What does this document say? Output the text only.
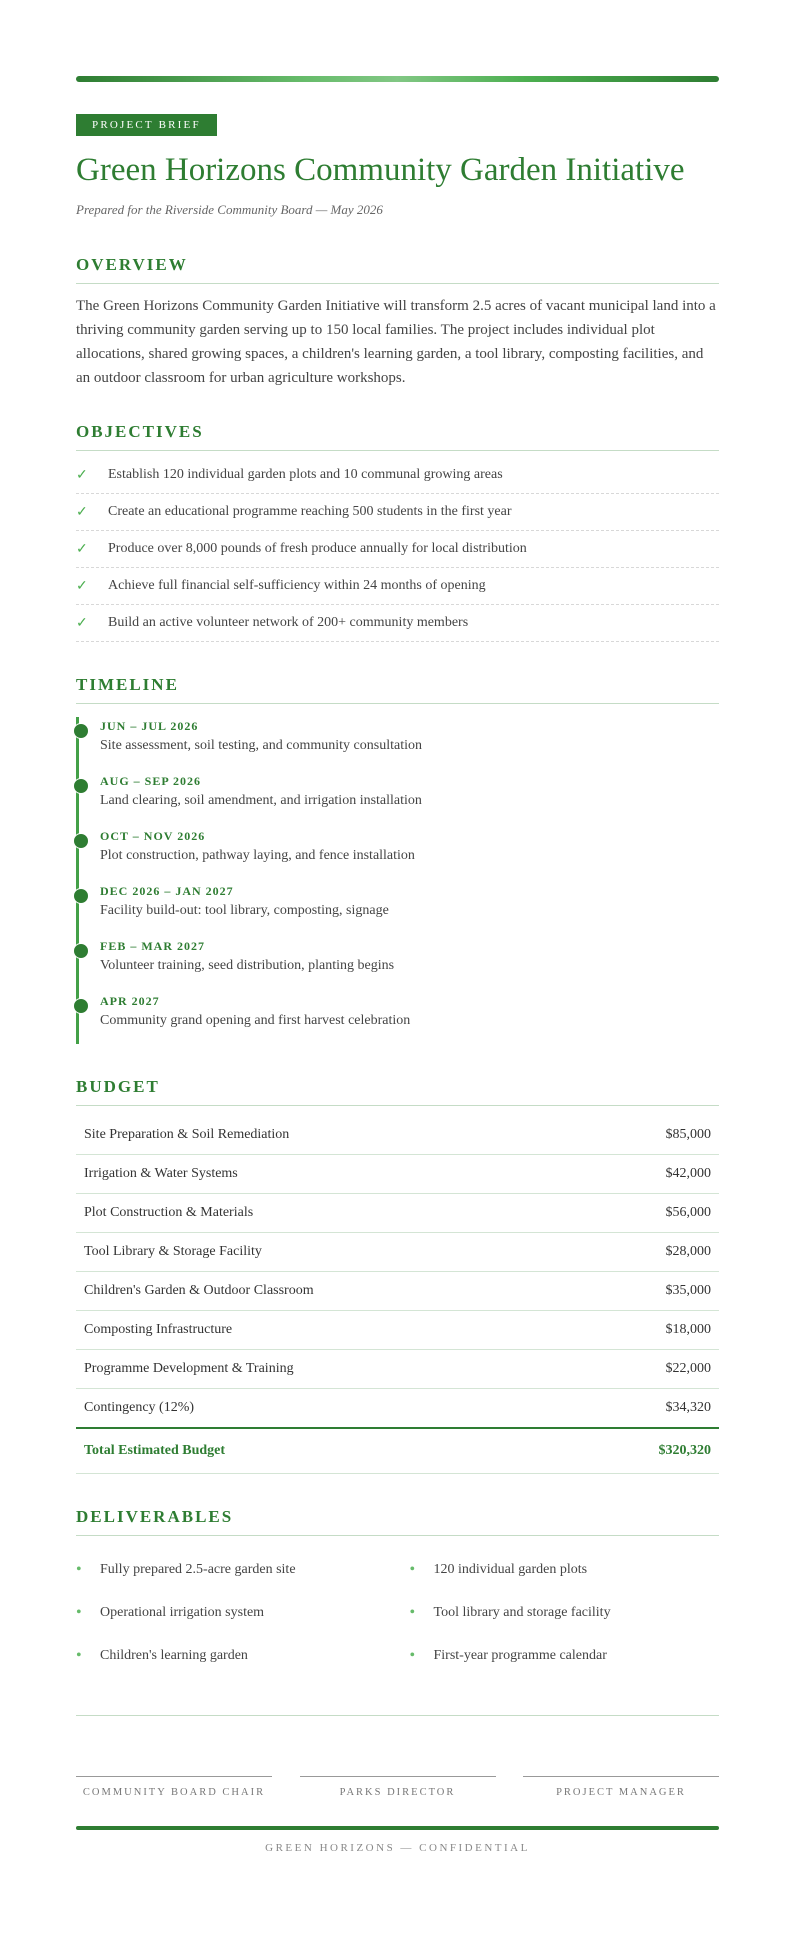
PROJECT BRIEF
Green Horizons Community Garden Initiative
Prepared for the Riverside Community Board — May 2026
OVERVIEW

The Green Horizons Community Garden Initiative will transform 2.5 acres of vacant municipal land into a thriving community garden serving up to 150 local families. The project includes individual plot allocations, shared growing spaces, a children's learning garden, a tool library, composting facilities, and an outdoor classroom for urban agriculture workshops.

OBJECTIVES
✓	Establish 120 individual garden plots and 10 communal growing areas
✓	Create an educational programme reaching 500 students in the first year
✓	Produce over 8,000 pounds of fresh produce annually for local distribution
✓	Achieve full financial self-sufficiency within 24 months of opening
✓	Build an active volunteer network of 200+ community members
TIMELINE
JUN – JUL 2026
Site assessment, soil testing, and community consultation
AUG – SEP 2026
Land clearing, soil amendment, and irrigation installation
OCT – NOV 2026
Plot construction, pathway laying, and fence installation
DEC 2026 – JAN 2027
Facility build-out: tool library, composting, signage
FEB – MAR 2027
Volunteer training, seed distribution, planting begins
APR 2027
Community grand opening and first harvest celebration
BUDGET
Site Preparation & Soil Remediation	$85,000
Irrigation & Water Systems	$42,000
Plot Construction & Materials	$56,000
Tool Library & Storage Facility	$28,000
Children's Garden & Outdoor Classroom	$35,000
Composting Infrastructure	$18,000
Programme Development & Training	$22,000
Contingency (12%)	$34,320
Total Estimated Budget	$320,320
DELIVERABLES
•	Fully prepared 2.5-acre garden site	•	120 individual garden plots
•	Operational irrigation system	•	Tool library and storage facility
•	Children's learning garden	•	First-year programme calendar
COMMUNITY BOARD CHAIR	PARKS DIRECTOR	PROJECT MANAGER
GREEN HORIZONS — CONFIDENTIAL
